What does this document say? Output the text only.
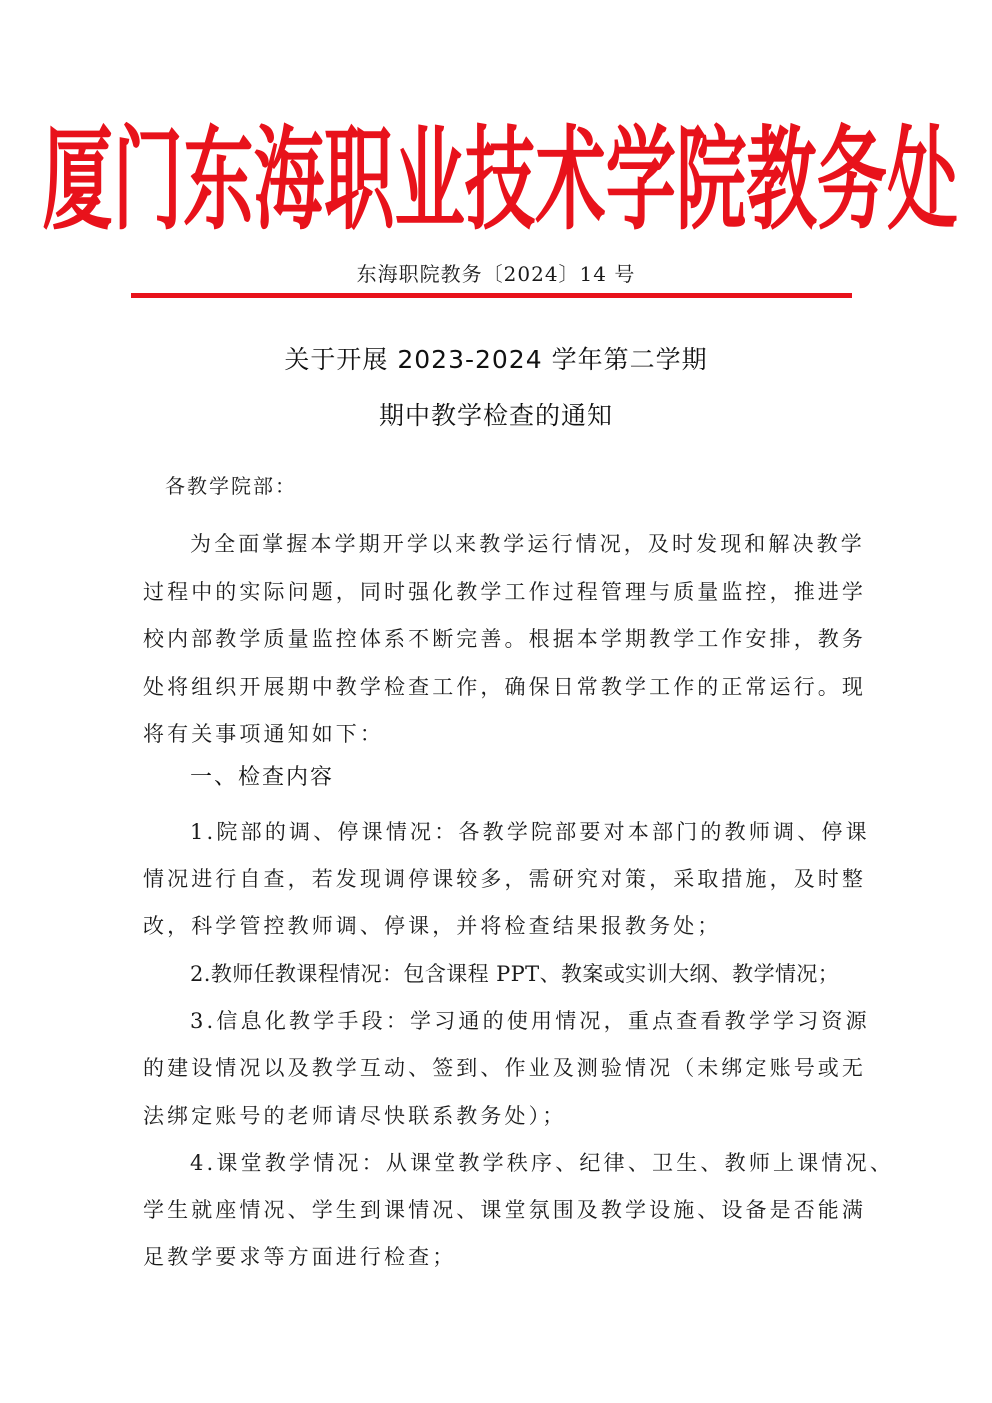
厦门东海职业技术学院教务处
东海职院教务〔2024〕14 号
关于开展 2023-2024 学年第二学期
期中教学检查的通知
各教学院部：
为全面掌握本学期开学以来教学运行情况，及时发现和解决教学
过程中的实际问题，同时强化教学工作过程管理与质量监控，推进学
校内部教学质量监控体系不断完善。根据本学期教学工作安排，教务
处将组织开展期中教学检查工作，确保日常教学工作的正常运行。现
将有关事项通知如下：
一、检查内容
1.院部的调、停课情况：各教学院部要对本部门的教师调、停课
情况进行自查，若发现调停课较多，需研究对策，采取措施，及时整
改，科学管控教师调、停课，并将检查结果报教务处；
2.教师任教课程情况：包含课程 PPT、教案或实训大纲、教学情况；
3.信息化教学手段：学习通的使用情况，重点查看教学学习资源
的建设情况以及教学互动、签到、作业及测验情况（未绑定账号或无
法绑定账号的老师请尽快联系教务处）；
4.课堂教学情况：从课堂教学秩序、纪律、卫生、教师上课情况、
学生就座情况、学生到课情况、课堂氛围及教学设施、设备是否能满
足教学要求等方面进行检查；
